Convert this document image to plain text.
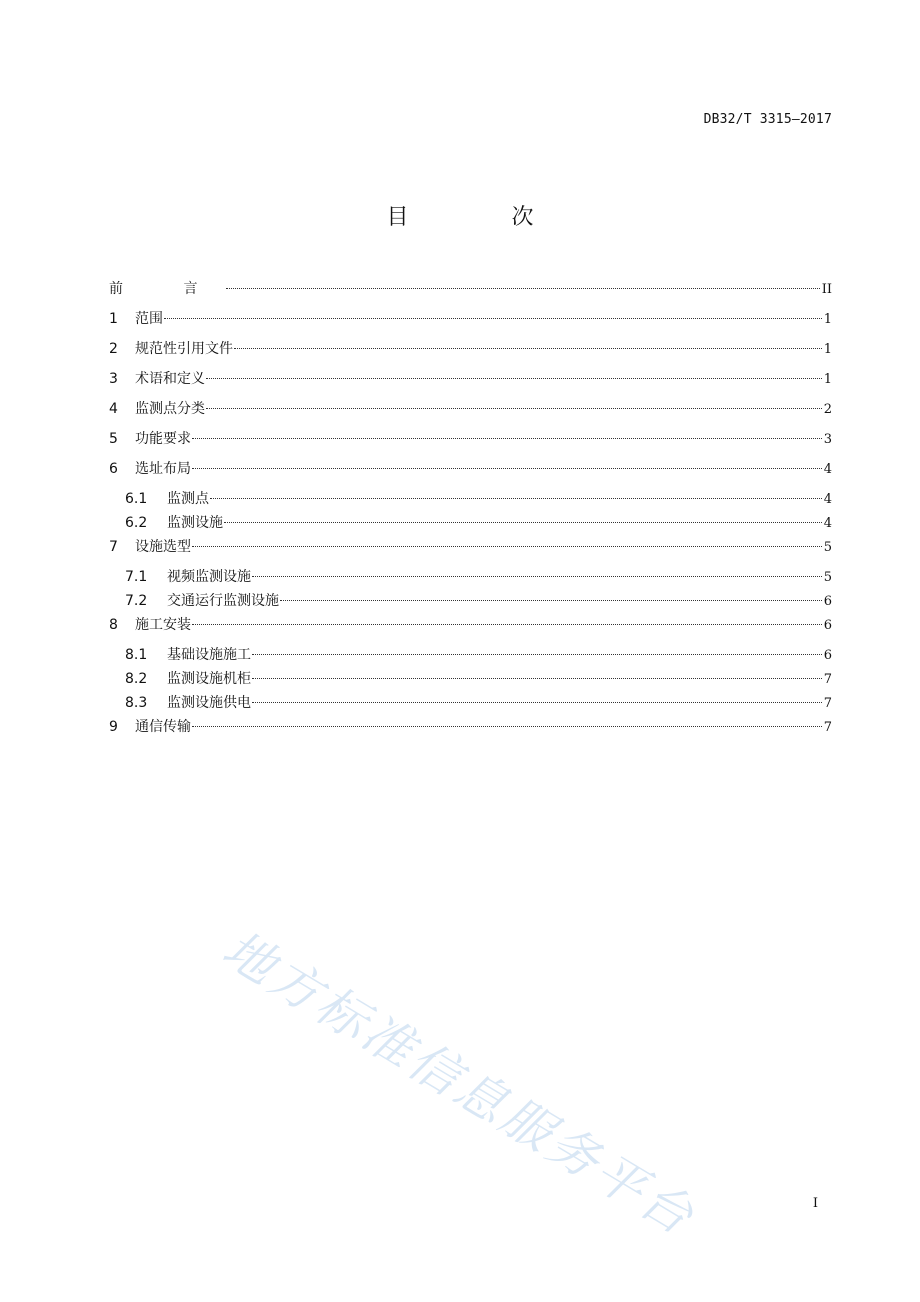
DB32/T 3315—2017
目 次
前 言	II
1	范围	1
2	规范性引用文件	1
3	术语和定义	1
4	监测点分类	2
5	功能要求	3
6	选址布局	4
6.1	监测点	4
6.2	监测设施	4
7	设施选型	5
7.1	视频监测设施	5
7.2	交通运行监测设施	6
8	施工安装	6
8.1	基础设施施工	6
8.2	监测设施机柜	7
8.3	监测设施供电	7
9	通信传输	7
地方标准信息服务平台	I
